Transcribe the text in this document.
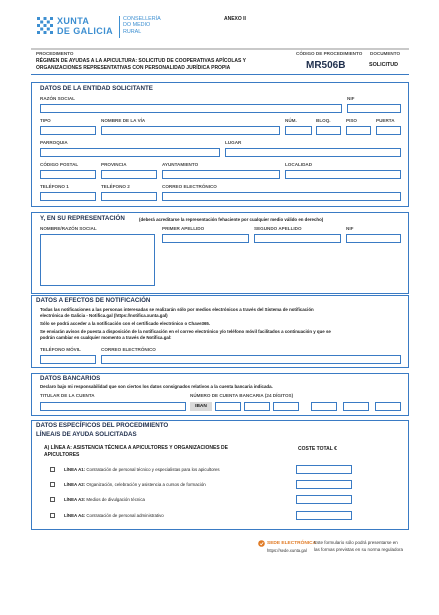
XUNTA
DE GALICIA
CONSELLERÍA
DO MEDIO
RURAL
ANEXO II
PROCEDIMENTO
RÉGIMEN DE AYUDAS A LA APICULTURA: SOLICITUD DE COOPERATIVAS APÍCOLAS Y
ORGANIZACIONES REPRESENTATIVAS CON PERSONALIDAD JURÍDICA PROPIA
CÓDIGO DE PROCEDIMIENTO
MR506B
DOCUMENTO
SOLICITUD
DATOS DE LA ENTIDAD SOLICITANTE
RAZÓN SOCIAL	NIF
TIPO	NOMBRE DE LA VÍA	NÚM.	BLOQ.	PISO	PUERTA
PARROQUIA	LUGAR
CÓDIGO POSTAL	PROVINCIA	AYUNTAMIENTO	LOCALIDAD
TELÉFONO 1	TELÉFONO 2	CORREO ELECTRÓNICO
Y, EN SU REPRESENTACIÓN	(deberá acreditarse la representación fehaciente por cualquier medio válido en derecho)
NOMBRE/RAZÓN SOCIAL	PRIMER APELLIDO	SEGUNDO APELLIDO	NIF
DATOS A EFECTOS DE NOTIFICACIÓN
Todas las notificaciones a las personas interesadas se realizarán sólo por medios electrónicos a través del Sistema de notificación
electrónica de Galicia - Notifica.gal (https://notifica.xunta.gal)
Sólo se podrá acceder a la notificación con el certificado electrónico o Chave365.
Se enviarán avisos de puesta a disposición de la notificación en el correo electrónico y/o teléfono móvil facilitados a continuación y que se
podrán cambiar en cualquier momento a través de Notifica.gal:
TELÉFONO MÓVIL	CORREO ELECTRÓNICO
DATOS BANCARIOS
Declaro bajo mi responsabilidad que son ciertos los datos consignados relativos a la cuenta bancaria indicada.
TITULAR DE LA CUENTA	NÚMERO DE CUENTA BANCARIA (24 DÍGITOS)
IBAN
DATOS ESPECÍFICOS DEL PROCEDIMIENTO
LÍNEA/S DE AYUDA SOLICITADAS
A) LÍNEA A: ASISTENCIA TÉCNICA A APICULTORES Y ORGANIZACIONES DE
APICULTORES
COSTE TOTAL €
LÍNEA A1: Contratación de personal técnico y especialistas para los apicultores
LÍNEA A2: Organización, celebración y asistencia a cursos de formación
LÍNEA A3: Medios de divulgación técnica
LÍNEA A4: Contratación de personal administrativo
SEDE ELECTRÓNICA
https://sede.xunta.gal
Este formulario sólo podrá presentarse en
las formas previstas en su norma reguladora
